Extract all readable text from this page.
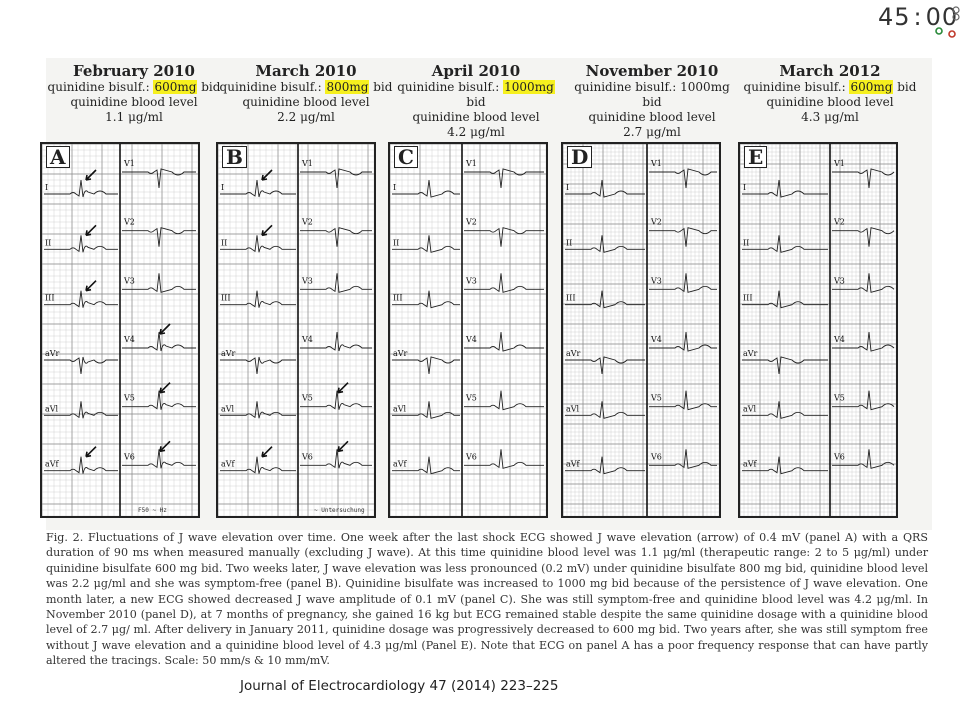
45 : 00
February 2010
quinidine bisulf.: 600mg bid
quinidine blood level
1.1 μg/ml
I
II
III
aVr
aVl
aVf
V1
V2
V3
V4
V5
V6
F50 ~ Hz
A
March 2010
quinidine bisulf.: 800mg bid
quinidine blood level
2.2 μg/ml
I
II
III
aVr
aVl
aVf
V1
V2
V3
V4
V5
V6
~ Untersuchung
B
April 2010
quinidine bisulf.: 1000mg bid
quinidine blood level
4.2 μg/ml
I
II
III
aVr
aVl
aVf
V1
V2
V3
V4
V5
V6
C
November 2010
quinidine bisulf.: 1000mg bid
quinidine blood level
2.7 μg/ml
I
II
III
aVr
aVl
aVf
V1
V2
V3
V4
V5
V6
D
March 2012
quinidine bisulf.: 600mg bid
quinidine blood level
4.3 μg/ml
I
II
III
aVr
aVl
aVf
V1
V2
V3
V4
V5
V6
E

Fig. 2. Fluctuations of J wave elevation over time. One week after the last shock ECG showed J wave elevation (arrow) of 0.4 mV (panel A) with a QRS duration of 90 ms when measured manually (excluding J wave). At this time quinidine blood level was 1.1 μg/ml (therapeutic range: 2 to 5 μg/ml) under quinidine bisulfate 600 mg bid. Two weeks later, J wave elevation was less pronounced (0.2 mV) under quinidine bisulfate 800 mg bid, quinidine blood level was 2.2 μg/ml and she was symptom-free (panel B). Quinidine bisulfate was increased to 1000 mg bid because of the persistence of J wave elevation. One month later, a new ECG showed decreased J wave amplitude of 0.1 mV (panel C). She was still symptom-free and quinidine blood level was 4.2 μg/ml. In November 2010 (panel D), at 7 months of pregnancy, she gained 16 kg but ECG remained stable despite the same quinidine dosage with a quinidine blood level of 2.7 μg/ ml. After delivery in January 2011, quinidine dosage was progressively decreased to 600 mg bid. Two years after, she was still symptom free without J wave elevation and a quinidine blood level of 4.3 μg/ml (Panel E). Note that ECG on panel A has a poor frequency response that can have partly altered the tracings. Scale: 50 mm/s & 10 mm/mV.

Journal of Electrocardiology 47 (2014) 223–225
